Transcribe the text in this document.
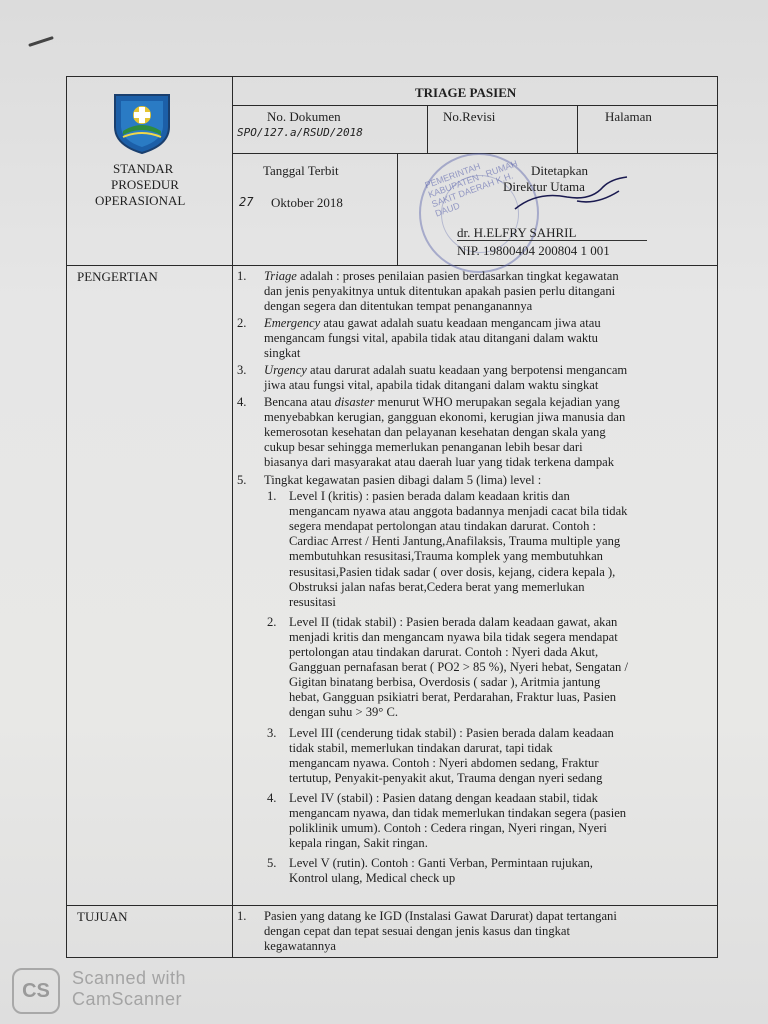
TRIAGE PASIEN
No. Dokumen
SPO/127.a/RSUD/2018
No.Revisi	Halaman
STANDAR
PROSEDUR
OPERASIONAL
Tanggal Terbit
27 Oktober 2018
PEMERINTAH KABUPATEN · RUMAH SAKIT DAERAH K.H. DAUD
Ditetapkan
Direktur Utama
dr. H.ELFRY SAHRIL
NIP. 19800404 200804 1 001
PENGERTIAN
TUJUAN
1. Triage adalah : proses penilaian pasien berdasarkan tingkat kegawatan
dan jenis penyakitnya untuk ditentukan apakah pasien perlu ditangani
dengan segera dan ditentukan tempat penanganannya
2. Emergency atau gawat adalah suatu keadaan mengancam jiwa atau
mengancam fungsi vital, apabila tidak atau ditangani dalam waktu
singkat
3. Urgency atau darurat adalah suatu keadaan yang berpotensi mengancam
jiwa atau fungsi vital, apabila tidak ditangani dalam waktu singkat
4. Bencana atau disaster menurut WHO merupakan segala kejadian yang
menyebabkan kerugian, gangguan ekonomi, kerugian jiwa manusia dan
kemerosotan kesehatan dan pelayanan kesehatan dengan skala yang
cukup besar sehingga memerlukan penanganan lebih besar dari
biasanya dari masyarakat atau daerah luar yang tidak terkena dampak
5. Tingkat kegawatan pasien dibagi dalam 5 (lima) level :
1. Level I (kritis) : pasien berada dalam keadaan kritis dan
mengancam nyawa atau anggota badannya menjadi cacat bila tidak
segera mendapat pertolongan atau tindakan darurat. Contoh :
Cardiac Arrest / Henti Jantung,Anafilaksis, Trauma multiple yang
membutuhkan resusitasi,Trauma komplek yang membutuhkan
resusitasi,Pasien tidak sadar ( over dosis, kejang, cidera kepala ),
Obstruksi jalan nafas berat,Cedera berat yang memerlukan
resusitasi
2. Level II (tidak stabil) : Pasien berada dalam keadaan gawat, akan
menjadi kritis dan mengancam nyawa bila tidak segera mendapat
pertolongan atau tindakan darurat. Contoh : Nyeri dada Akut,
Gangguan pernafasan berat ( PO2 > 85 %), Nyeri hebat, Sengatan /
Gigitan binatang berbisa, Overdosis ( sadar ), Aritmia jantung
hebat, Gangguan psikiatri berat, Perdarahan, Fraktur luas, Pasien
dengan suhu > 39° C.
3. Level III (cenderung tidak stabil) : Pasien berada dalam keadaan
tidak stabil, memerlukan tindakan darurat, tapi tidak
mengancam nyawa. Contoh : Nyeri abdomen sedang, Fraktur
tertutup, Penyakit-penyakit akut, Trauma dengan nyeri sedang
4. Level IV (stabil) : Pasien datang dengan keadaan stabil, tidak
mengancam nyawa, dan tidak memerlukan tindakan segera (pasien
poliklinik umum). Contoh : Cedera ringan, Nyeri ringan, Nyeri
kepala ringan, Sakit ringan.
5. Level V (rutin). Contoh : Ganti Verban, Permintaan rujukan,
Kontrol ulang, Medical check up
1. Pasien yang datang ke IGD (Instalasi Gawat Darurat) dapat tertangani
dengan cepat dan tepat sesuai dengan jenis kasus dan tingkat
kegawatannya
CS
Scanned with
CamScanner
